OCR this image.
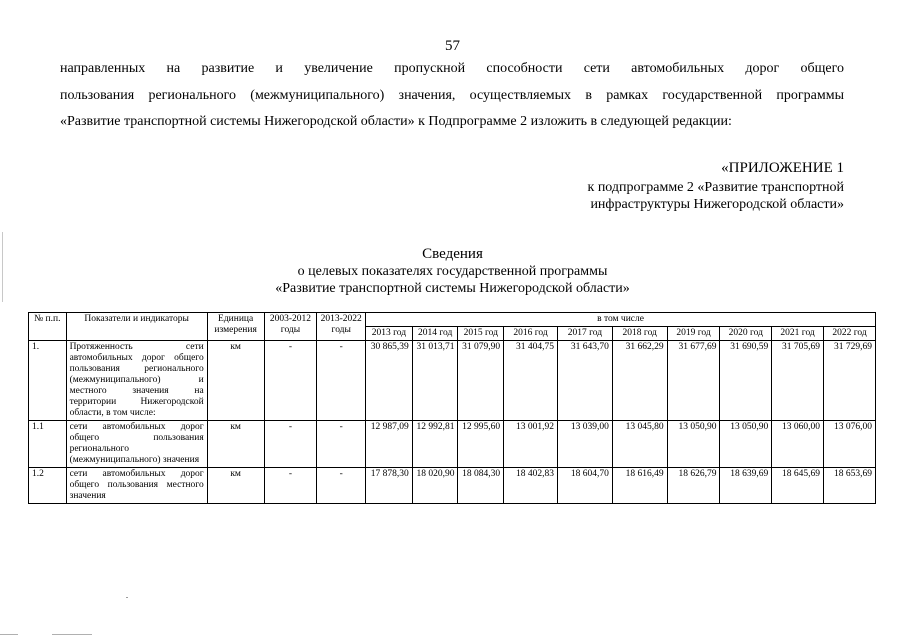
57
направленных на развитие и увеличение пропускной способности сети автомобильных дорог общего
пользования регионального (межмуниципального) значения, осуществляемых в рамках государственной программы
«Развитие транспортной системы Нижегородской области» к Подпрограмме 2 изложить в следующей редакции:
«ПРИЛОЖЕНИЕ 1
к подпрограмме 2 «Развитие транспортной
инфраструктуры Нижегородской области»
Сведения
о целевых показателях государственной программы
«Развитие транспортной системы Нижегородской области»
№ п.п.	Показатели и индикаторы	Единица измерения	2003-2012 годы	2013-2022 годы	в том числе									
					2013 год	2014 год	2015 год	2016 год	2017 год	2018 год	2019 год	2020 год	2021 год	2022 год
1.	Протяженность сети автомобильных дорог общего пользования регионального (межмуниципального) и местного значения на территории Нижегородской области, в том числе:	км	-	-	30 865,39	31 013,71	31 079,90	31 404,75	31 643,70	31 662,29	31 677,69	31 690,59	31 705,69	31 729,69
1.1	сети автомобильных дорог общего пользования регионального (межмуниципального) значения	км	-	-	12 987,09	12 992,81	12 995,60	13 001,92	13 039,00	13 045,80	13 050,90	13 050,90	13 060,00	13 076,00
1.2	сети автомобильных дорог общего пользования местного значения	км	-	-	17 878,30	18 020,90	18 084,30	18 402,83	18 604,70	18 616,49	18 626,79	18 639,69	18 645,69	18 653,69
